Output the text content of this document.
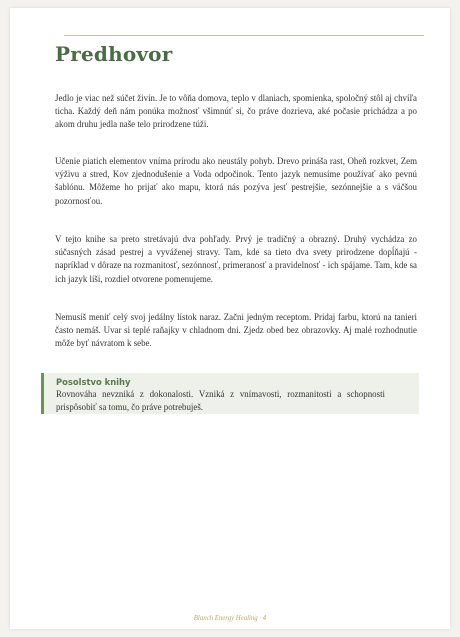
Predhovor

Jedlo je viac než súčet živín. Je to vôňa domova, teplo v dlaniach, spomienka, spoločný stôl aj chvíľa ticha. Každý deň nám ponúka možnosť všimnúť si, čo práve dozrieva, aké počasie prichádza a po akom druhu jedla naše telo prirodzene túži.

Učenie piatich elementov vníma prírodu ako neustály pohyb. Drevo prináša rast, Oheň rozkvet, Zem výživu a stred, Kov zjednodušenie a Voda odpočinok. Tento jazyk nemusíme používať ako pevnú šablónu. Môžeme ho prijať ako mapu, ktorá nás pozýva jesť pestrejšie, sezónnejšie a s väčšou pozornosťou.

V tejto knihe sa preto stretávajú dva pohľady. Prvý je tradičný a obrazný. Druhý vychádza zo súčasných zásad pestrej a vyváženej stravy. Tam, kde sa tieto dva svety prirodzene dopĺňajú - napríklad v dôraze na rozmanitosť, sezónnosť, primeranosť a pravidelnosť - ich spájame. Tam, kde sa ich jazyk líši, rozdiel otvorene pomenujeme.

Nemusíš meniť celý svoj jedálny lístok naraz. Začni jedným receptom. Pridaj farbu, ktorú na tanieri často nemáš. Uvar si teplé raňajky v chladnom dni. Zjedz obed bez obrazovky. Aj malé rozhodnutie môže byť návratom k sebe.

Posolstvo knihy

Rovnováha nevzniká z dokonalosti. Vzniká z vnímavosti, rozmanitosti a schopnosti prispôsobiť sa tomu, čo práve potrebuješ.

Blanch Energy Healing · 4
